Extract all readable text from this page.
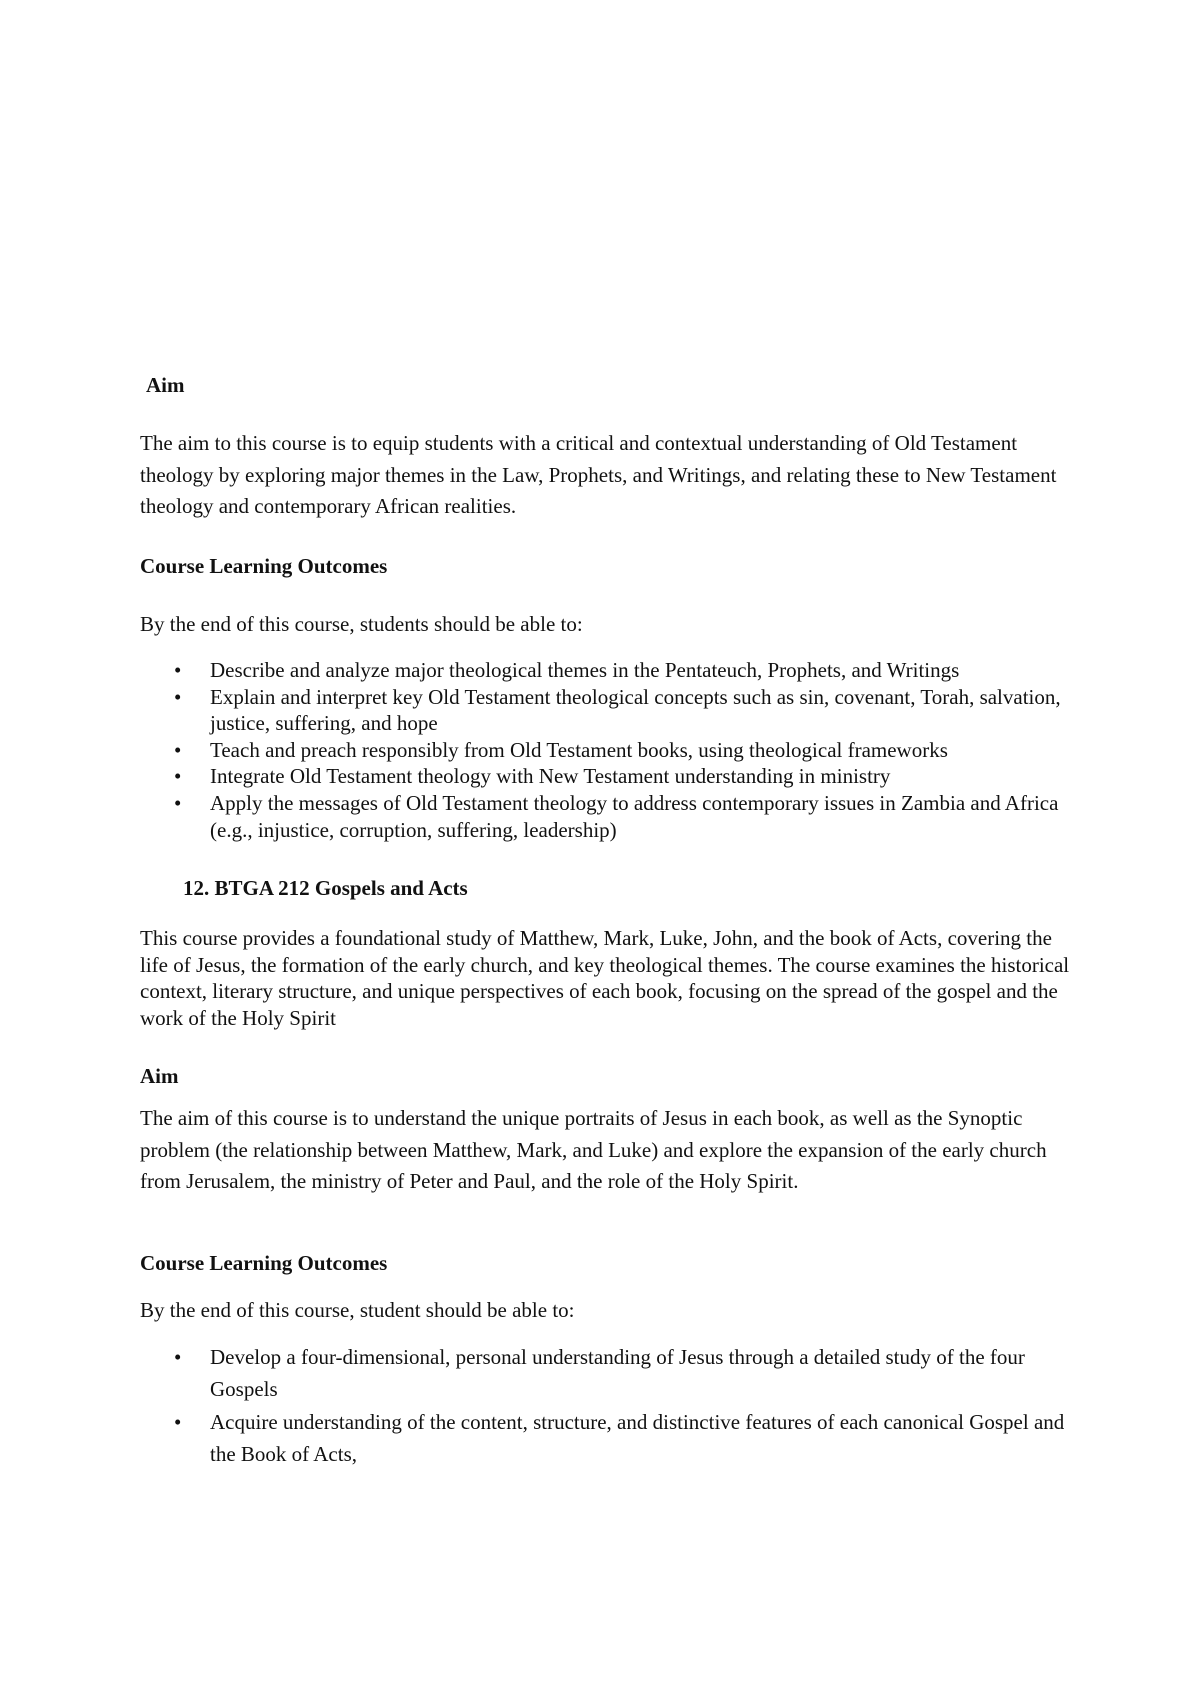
Aim

The aim to this course is to equip students with a critical and contextual understanding of Old Testament theology by exploring major themes in the Law, Prophets, and Writings, and relating these to New Testament theology and contemporary African realities.

Course Learning Outcomes

By the end of this course, students should be able to:

• Describe and analyze major theological themes in the Pentateuch, Prophets, and Writings
• Explain and interpret key Old Testament theological concepts such as sin, covenant, Torah, salvation, justice, suffering, and hope
• Teach and preach responsibly from Old Testament books, using theological frameworks
• Integrate Old Testament theology with New Testament understanding in ministry
• Apply the messages of Old Testament theology to address contemporary issues in Zambia and Africa (e.g., injustice, corruption, suffering, leadership)

12. BTGA 212 Gospels and Acts

This course provides a foundational study of Matthew, Mark, Luke, John, and the book of Acts, covering the life of Jesus, the formation of the early church, and key theological themes. The course examines the historical context, literary structure, and unique perspectives of each book, focusing on the spread of the gospel and the work of the Holy Spirit

Aim

The aim of this course is to understand the unique portraits of Jesus in each book, as well as the Synoptic problem (the relationship between Matthew, Mark, and Luke) and explore the expansion of the early church from Jerusalem, the ministry of Peter and Paul, and the role of the Holy Spirit.

Course Learning Outcomes

By the end of this course, student should be able to:

• Develop a four-dimensional, personal understanding of Jesus through a detailed study of the four Gospels
• Acquire understanding of the content, structure, and distinctive features of each canonical Gospel and the Book of Acts,
